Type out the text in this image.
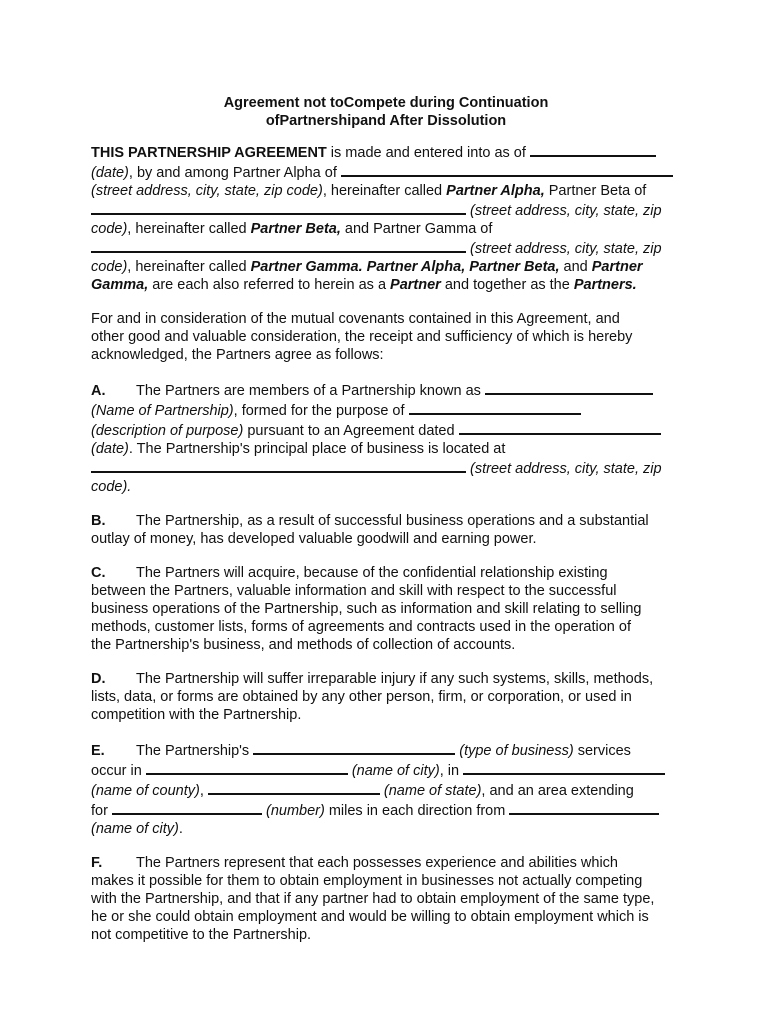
Agreement not toCompete during Continuation
ofPartnershipand After Dissolution

THIS PARTNERSHIP AGREEMENT is made and entered into as of
(date), by and among Partner Alpha of
(street address, city, state, zip code), hereinafter called Partner Alpha, Partner Beta of
(street address, city, state, zip
code), hereinafter called Partner Beta, and Partner Gamma of
(street address, city, state, zip
code), hereinafter called Partner Gamma. Partner Alpha, Partner Beta, and Partner
Gamma, are each also referred to herein as a Partner and together as the Partners.

For and in consideration of the mutual covenants contained in this Agreement, and
other good and valuable consideration, the receipt and sufficiency of which is hereby
acknowledged, the Partners agree as follows:

A. The Partners are members of a Partnership known as
(Name of Partnership), formed for the purpose of
(description of purpose) pursuant to an Agreement dated
(date). The Partnership's principal place of business is located at
(street address, city, state, zip
code).

B. The Partnership, as a result of successful business operations and a substantial
outlay of money, has developed valuable goodwill and earning power.

C. The Partners will acquire, because of the confidential relationship existing
between the Partners, valuable information and skill with respect to the successful
business operations of the Partnership, such as information and skill relating to selling
methods, customer lists, forms of agreements and contracts used in the operation of
the Partnership's business, and methods of collection of accounts.

D. The Partnership will suffer irreparable injury if any such systems, skills, methods,
lists, data, or forms are obtained by any other person, firm, or corporation, or used in
competition with the Partnership.

E. The Partnership's	(type of business) services
occur in	(name of city), in
(name of county),	(name of state), and an area extending
for	(number) miles in each direction from
(name of city).

F. The Partners represent that each possesses experience and abilities which
makes it possible for them to obtain employment in businesses not actually competing
with the Partnership, and that if any partner had to obtain employment of the same type,
he or she could obtain employment and would be willing to obtain employment which is
not competitive to the Partnership.
